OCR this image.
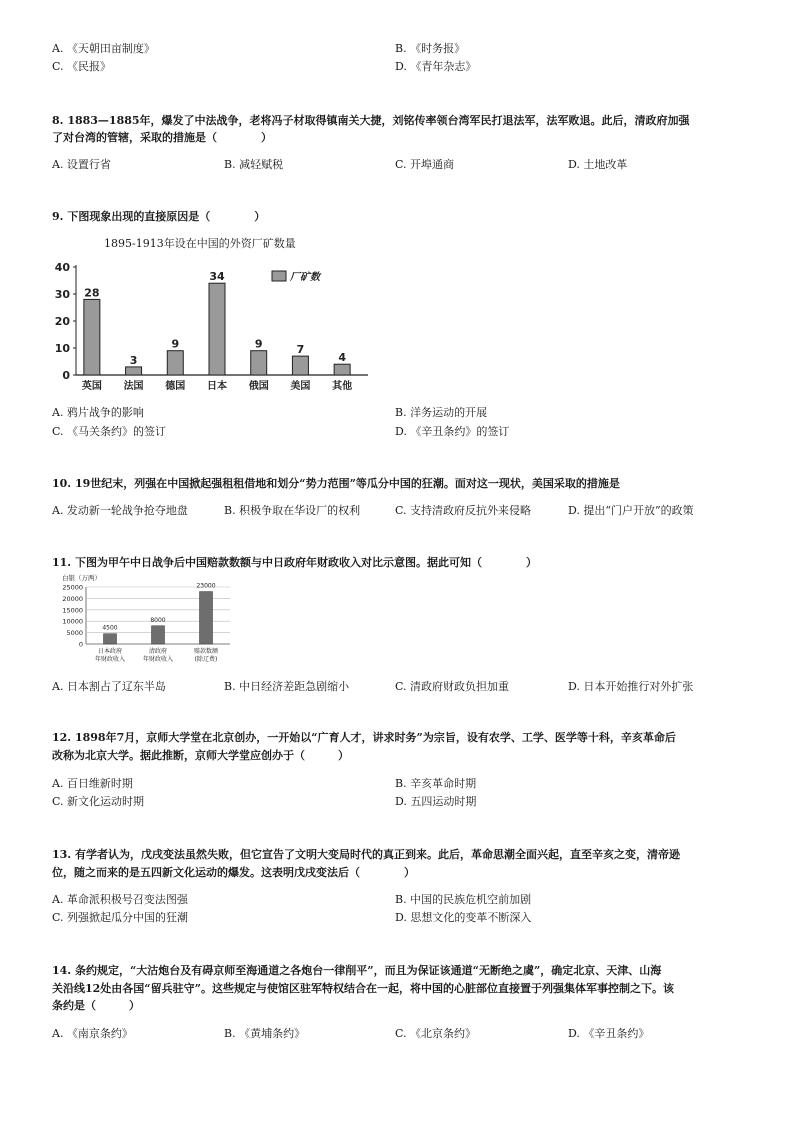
A. 《天朝田亩制度》	B. 《时务报》
C. 《民报》	D. 《青年杂志》
8. 1883—1885年，爆发了中法战争，老将冯子材取得镇南关大捷，刘铭传率领台湾军民打退法军，法军败退。此后，清政府加强
了对台湾的管辖，采取的措施是（　　　　）
A. 设置行省	B. 减轻赋税	C. 开埠通商	D. 土地改革
9. 下图现象出现的直接原因是（　　　　）
1895-1913年设在中国的外资厂矿数量
0
10
20
30
40
28
英国
3
法国
9
德国
34
日本
9
俄国
7
美国
4
其他
厂矿数
A. 鸦片战争的影响	B. 洋务运动的开展
C. 《马关条约》的签订	D. 《辛丑条约》的签订
10. 19世纪末，列强在中国掀起强租租借地和划分“势力范围”等瓜分中国的狂潮。面对这一现状，美国采取的措施是
A. 发动新一轮战争抢夺地盘	B. 积极争取在华设厂的权利	C. 支持清政府反抗外来侵略	D. 提出“门户开放”的政策
11. 下图为甲午中日战争后中国赔款数额与中日政府年财政收入对比示意图。据此可知（　　　　）
白银（万两）
0
5000
10000
15000
20000
25000
4500
日本政府
年财政收入
8000
清政府
年财政收入
23000
赔款数额
(除辽费)
A. 日本割占了辽东半岛	B. 中日经济差距急剧缩小	C. 清政府财政负担加重	D. 日本开始推行对外扩张
12. 1898年7月，京师大学堂在北京创办，一开始以“广育人才，讲求时务”为宗旨，设有农学、工学、医学等十科，辛亥革命后
改称为北京大学。据此推断，京师大学堂应创办于（　　　）
A. 百日维新时期	B. 辛亥革命时期
C. 新文化运动时期	D. 五四运动时期
13. 有学者认为，戊戌变法虽然失败，但它宣告了文明大变局时代的真正到来。此后，革命思潮全面兴起，直至辛亥之变，清帝逊
位，随之而来的是五四新文化运动的爆发。这表明戊戌变法后（　　　　）
A. 革命派积极号召变法图强	B. 中国的民族危机空前加剧
C. 列强掀起瓜分中国的狂潮	D. 思想文化的变革不断深入
14. 条约规定，“大沽炮台及有碍京师至海通道之各炮台一律削平”，而且为保证该通道“无断绝之虞”，确定北京、天津、山海
关沿线12处由各国“留兵驻守”。这些规定与使馆区驻军特权结合在一起，将中国的心脏部位直接置于列强集体军事控制之下。该
条约是（　　　）
A. 《南京条约》	B. 《黄埔条约》	C. 《北京条约》	D. 《辛丑条约》
